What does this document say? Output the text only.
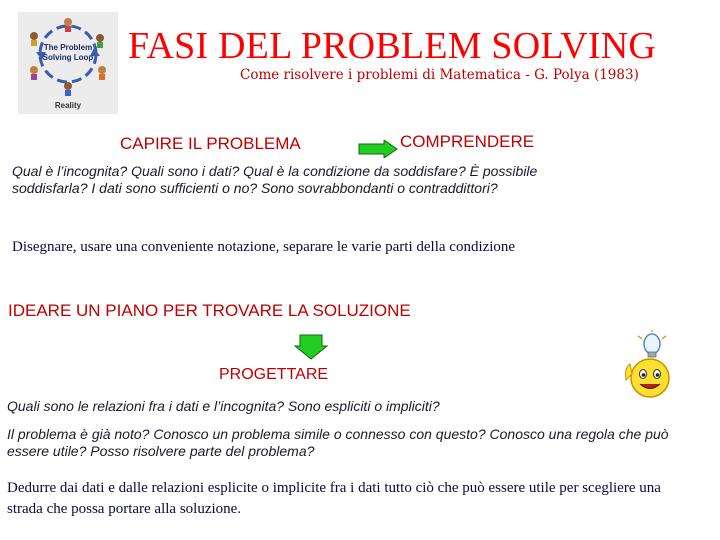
The Problem
Solving Loop
Reality
FASI DEL PROBLEM SOLVING
Come risolvere i problemi di Matematica - G. Polya (1983)
CAPIRE IL PROBLEMA	COMPRENDERE
Qual è l’incognita? Quali sono i dati? Qual è la condizione da soddisfare? È possibile soddisfarla? I dati sono sufficienti o no? Sono sovrabbondanti o contraddittori?
Disegnare, usare una conveniente notazione, separare le varie parti della condizione
IDEARE UN PIANO PER TROVARE LA SOLUZIONE
PROGETTARE
Quali sono le relazioni fra i dati e l’incognita? Sono espliciti o impliciti?
Il problema è già noto? Conosco un problema simile o connesso con questo? Conosco una regola che può essere utile? Posso risolvere parte del problema?
Dedurre dai dati e dalle relazioni esplicite o implicite fra i dati tutto ciò che può essere utile per scegliere una strada che possa portare alla soluzione.
